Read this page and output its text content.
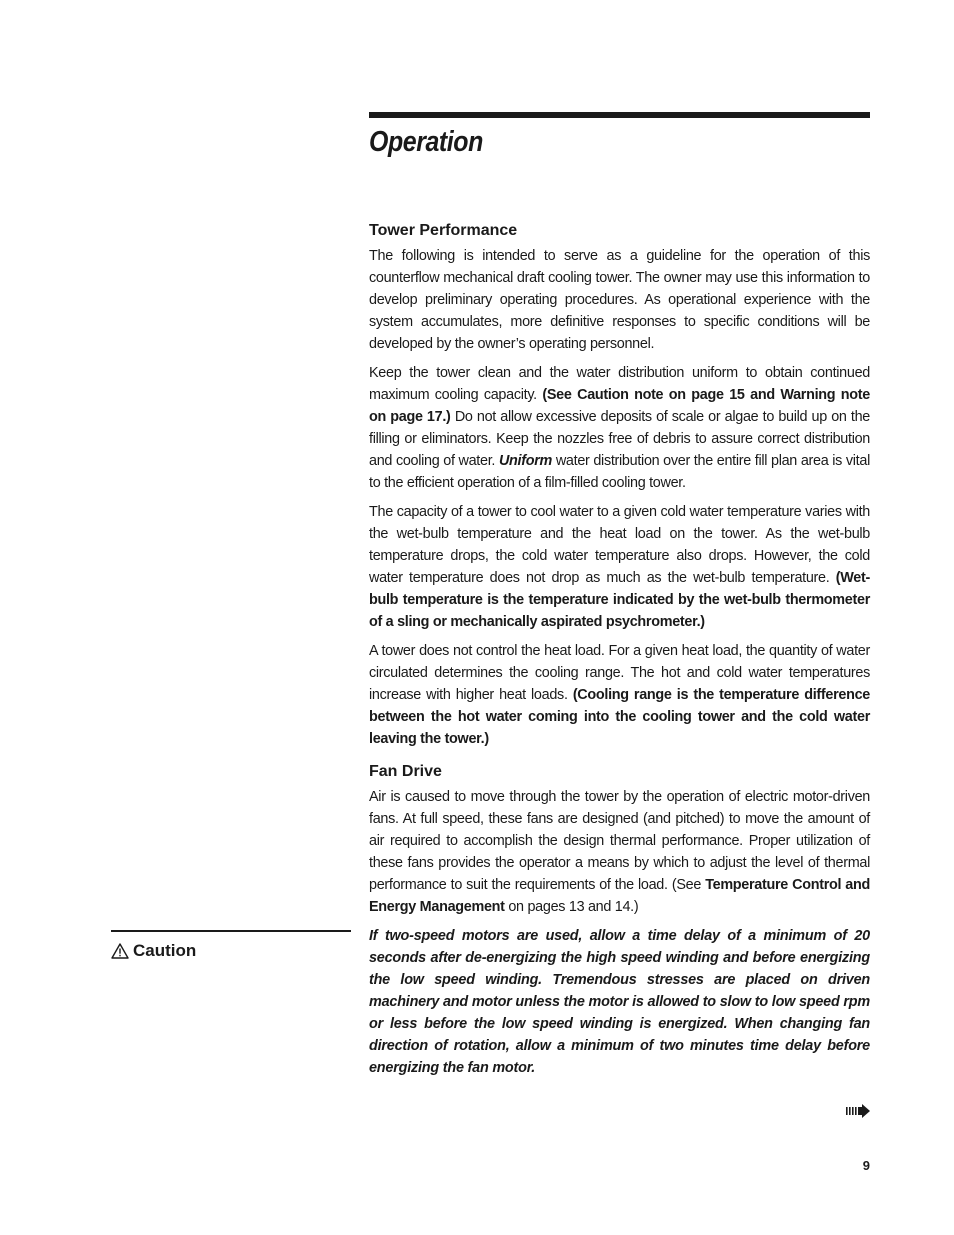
Operation
Tower Performance

The following is intended to serve as a guideline for the operation of this counterflow mechanical draft cooling tower. The owner may use this information to develop preliminary operating procedures. As operational experience with the system accumulates, more definitive responses to specific conditions will be developed by the owner’s operating personnel.

Keep the tower clean and the water distribution uniform to obtain continued maximum cooling capacity. (See Caution note on page 15 and Warning note on page 17.) Do not allow excessive deposits of scale or algae to build up on the filling or eliminators. Keep the nozzles free of debris to assure correct distribution and cooling of water. Uniform water distribution over the entire fill plan area is vital to the efficient operation of a film-filled cooling tower.

The capacity of a tower to cool water to a given cold water temperature varies with the wet-bulb temperature and the heat load on the tower. As the wet-bulb temperature drops, the cold water temperature also drops. However, the cold water temperature does not drop as much as the wet-bulb temperature. (Wet-bulb temperature is the temperature indicated by the wet-bulb thermometer of a sling or mechanically aspirated psychrometer.)

A tower does not control the heat load. For a given heat load, the quantity of water circulated determines the cooling range. The hot and cold water temperatures increase with higher heat loads. (Cooling range is the temperature difference between the hot water coming into the cooling tower and the cold water leaving the tower.)

Fan Drive

Air is caused to move through the tower by the operation of electric motor-driven fans. At full speed, these fans are designed (and pitched) to move the amount of air required to accomplish the design thermal performance. Proper utilization of these fans provides the operator a means by which to adjust the level of thermal performance to suit the requirements of the load. (See Temperature Control and Energy Management on pages 13 and 14.)

If two-speed motors are used, allow a time delay of a minimum of 20 seconds after de-energizing the high speed winding and before energizing the low speed winding. Tremendous stresses are placed on driven machinery and motor unless the motor is allowed to slow to low speed rpm or less before the low speed winding is energized. When changing fan direction of rotation, allow a minimum of two minutes time delay before energizing the fan motor.

Caution
9
